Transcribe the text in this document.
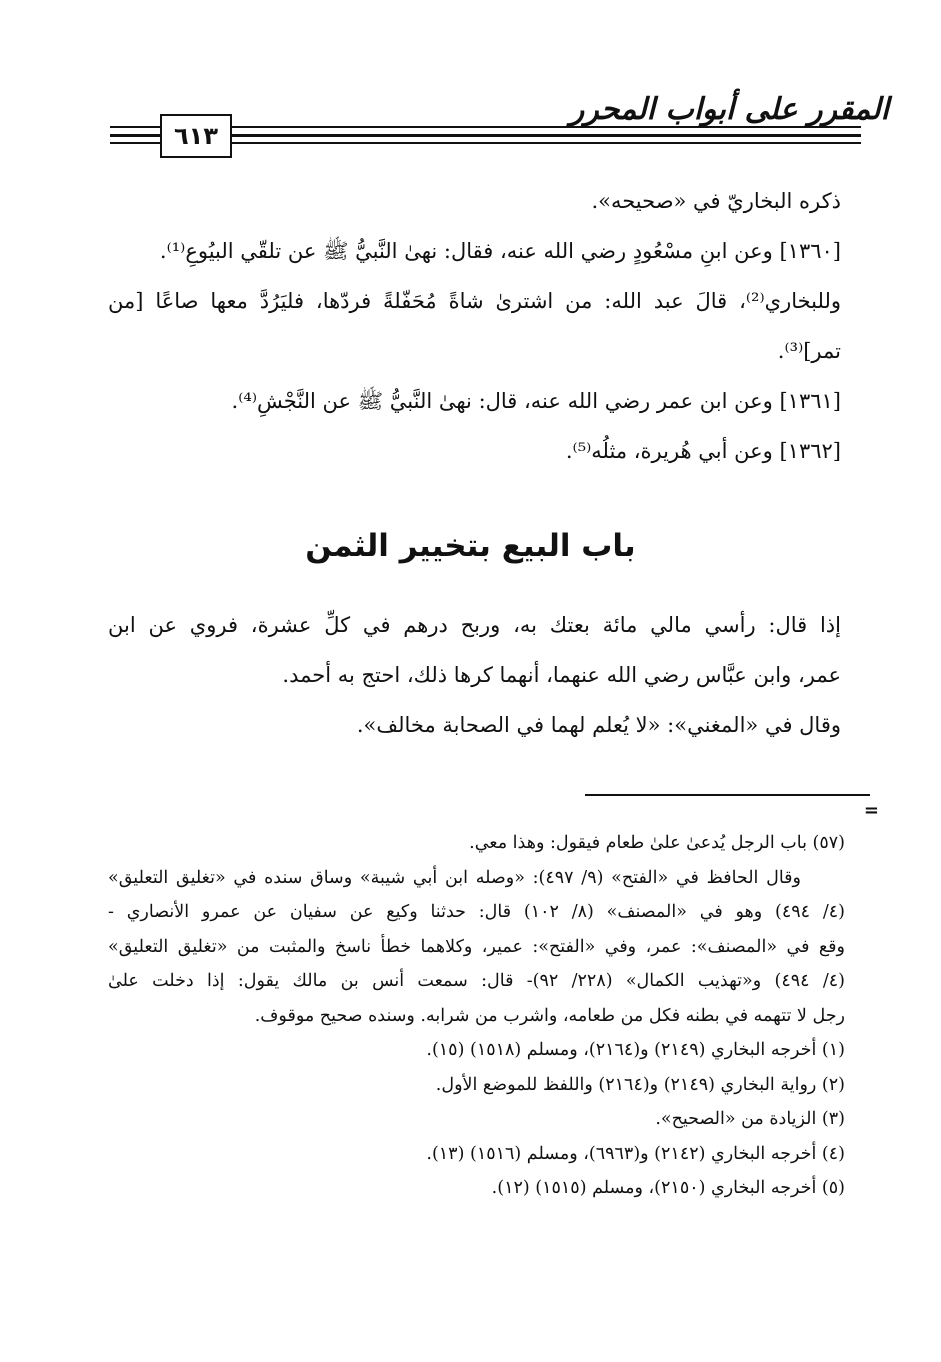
المقرر على أبواب المحرر
٦١٣
ذكره البخاريّ في «صحيحه».
[١٣٦٠] وعن ابنِ مسْعُودٍ رضي الله عنه، فقال: نهىٰ النَّبيُّ ﷺ عن تلقّي البيُوعِ⁽¹⁾.
وللبخاري⁽²⁾، قالَ عبد الله: من اشترىٰ شاةً مُحَفّلةً فردّها، فليَرُدَّ معها صاعًا [من
تمر]⁽³⁾.
[١٣٦١] وعن ابن عمر رضي الله عنه، قال: نهىٰ النَّبيُّ ﷺ عن النَّجْشِ⁽⁴⁾.
[١٣٦٢] وعن أبي هُريرة، مثلُه⁽⁵⁾.
باب البيع بتخيير الثمن
إذا قال: رأسي مالي مائة بعتك به، وربح درهم في كلِّ عشرة، فروي عن ابن
عمر، وابن عبَّاس رضي الله عنهما، أنهما كرها ذلك، احتج به أحمد.
وقال في «المغني»: «لا يُعلم لهما في الصحابة مخالف».
=
(٥٧) باب الرجل يُدعىٰ علىٰ طعام فيقول: وهذا معي.
وقال الحافظ في «الفتح» (٩/ ٤٩٧): «وصله ابن أبي شيبة» وساق سنده في «تغليق التعليق»
(٤/ ٤٩٤) وهو في «المصنف» (٨/ ١٠٢) قال: حدثنا وكيع عن سفيان عن عمرو الأنصاري -
وقع في «المصنف»: عمر، وفي «الفتح»: عمير، وكلاهما خطأ ناسخ والمثبت من «تغليق التعليق»
(٤/ ٤٩٤) و«تهذيب الكمال» (٢٢٨/ ٩٢)- قال: سمعت أنس بن مالك يقول: إذا دخلت علىٰ
رجل لا تتهمه في بطنه فكل من طعامه، واشرب من شرابه. وسنده صحيح موقوف.
(١) أخرجه البخاري (٢١٤٩) و(٢١٦٤)، ومسلم (١٥١٨) (١٥).
(٢) رواية البخاري (٢١٤٩) و(٢١٦٤) واللفظ للموضع الأول.
(٣) الزيادة من «الصحيح».
(٤) أخرجه البخاري (٢١٤٢) و(٦٩٦٣)، ومسلم (١٥١٦) (١٣).
(٥) أخرجه البخاري (٢١٥٠)، ومسلم (١٥١٥) (١٢).
